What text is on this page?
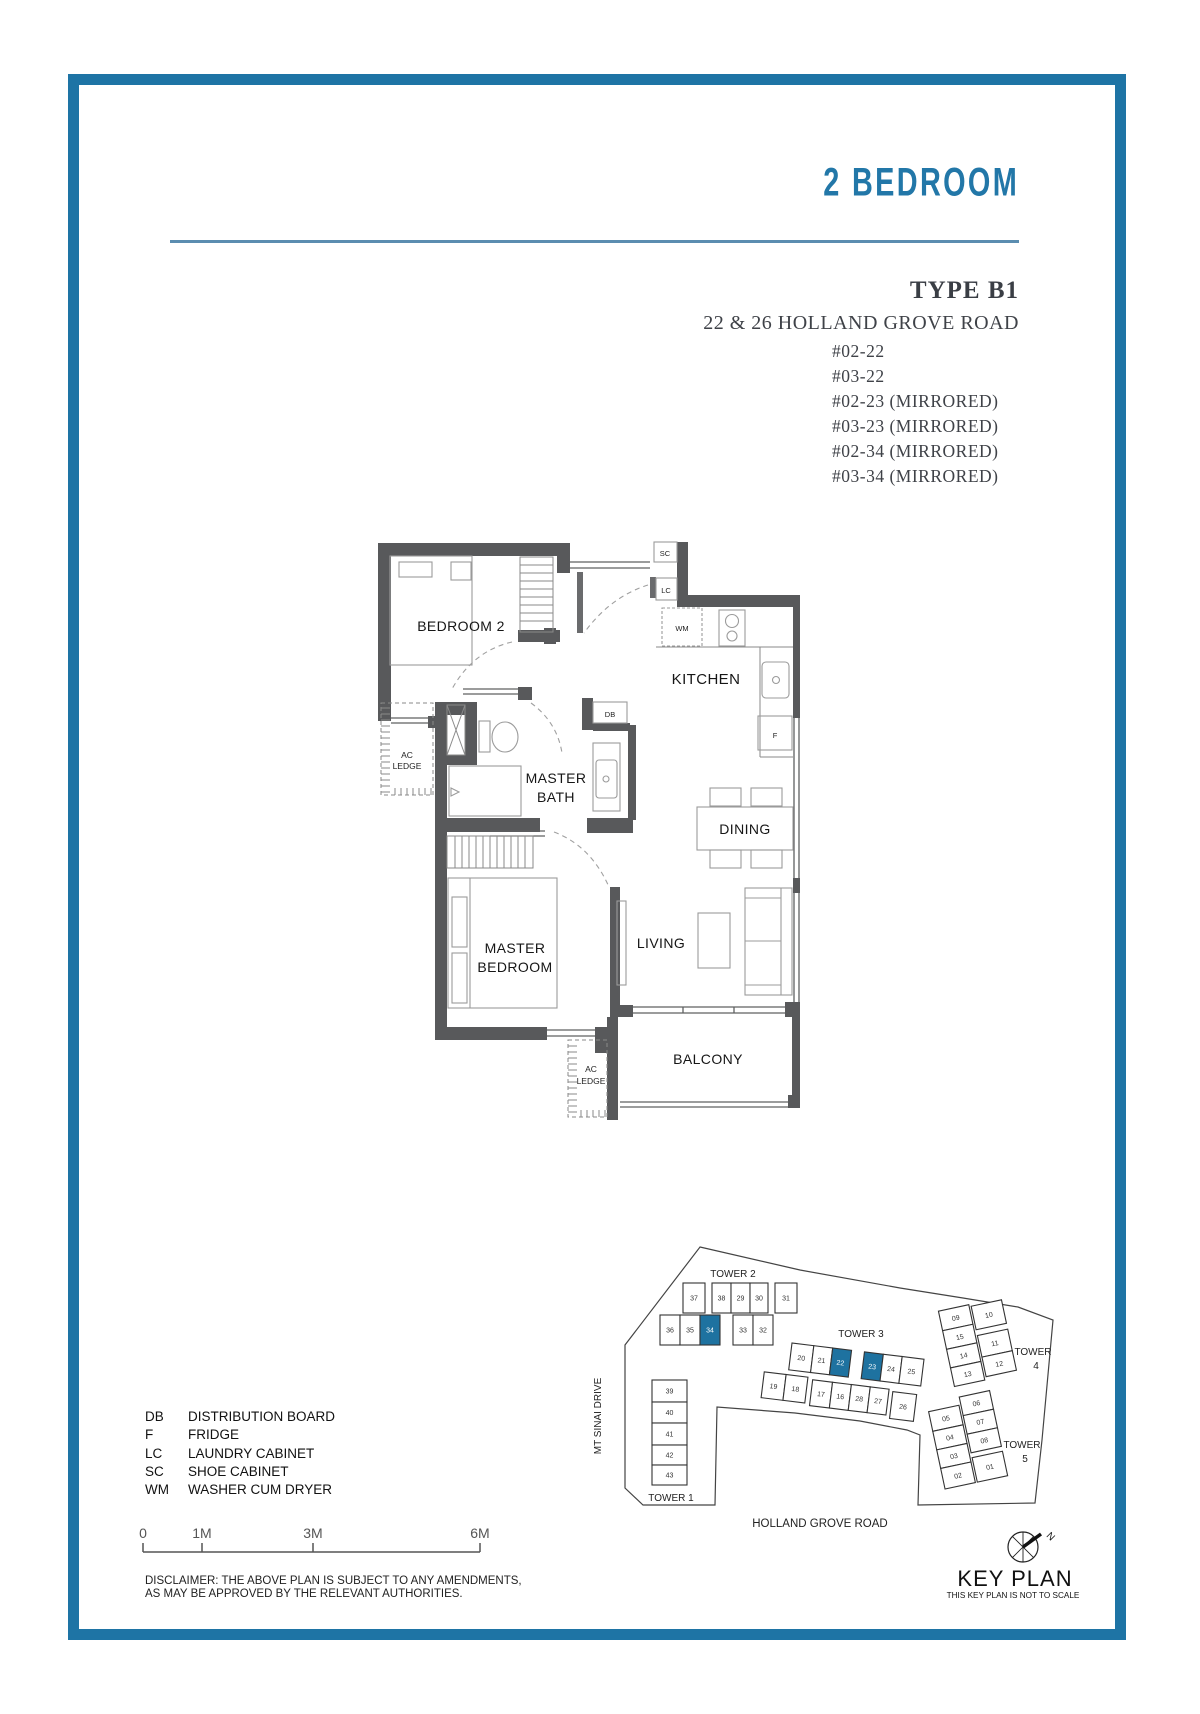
2 BEDROOM
TYPE B1
22 & 26 HOLLAND GROVE ROAD
#02-22
#03-22
#02-23 (MIRRORED)
#03-23 (MIRRORED)
#02-34 (MIRRORED)
#03-34 (MIRRORED)
BEDROOM 2
KITCHEN
MASTER
BATH
DINING
LIVING
MASTER
BEDROOM
BALCONY
AC
LEDGE
AC
LEDGE
SC
LC
WM
DB
F
DB DISTRIBUTION BOARD
F	FRIDGE
LC LAUNDRY CABINET
SC SHOE CABINET
WM WASHER CUM DRYER
0	1M	3M	6M
DISCLAIMER: THE ABOVE PLAN IS SUBJECT TO ANY AMENDMENTS,
AS MAY BE APPROVED BY THE RELEVANT AUTHORITIES.
37	38 29 30	31
36 35 34	33 32
TOWER 2
20 21 22	23 24 25
19 18
17 16 28 27
26
TOWER 3
39
40
41
42
43
TOWER 1
09
15
14
13
10
11
12
TOWER
4
05
04
03
02
06
07
08
01
TOWER
5
MT SINAI DRIVE
HOLLAND GROVE ROAD
N
KEY PLAN
THIS KEY PLAN IS NOT TO SCALE
